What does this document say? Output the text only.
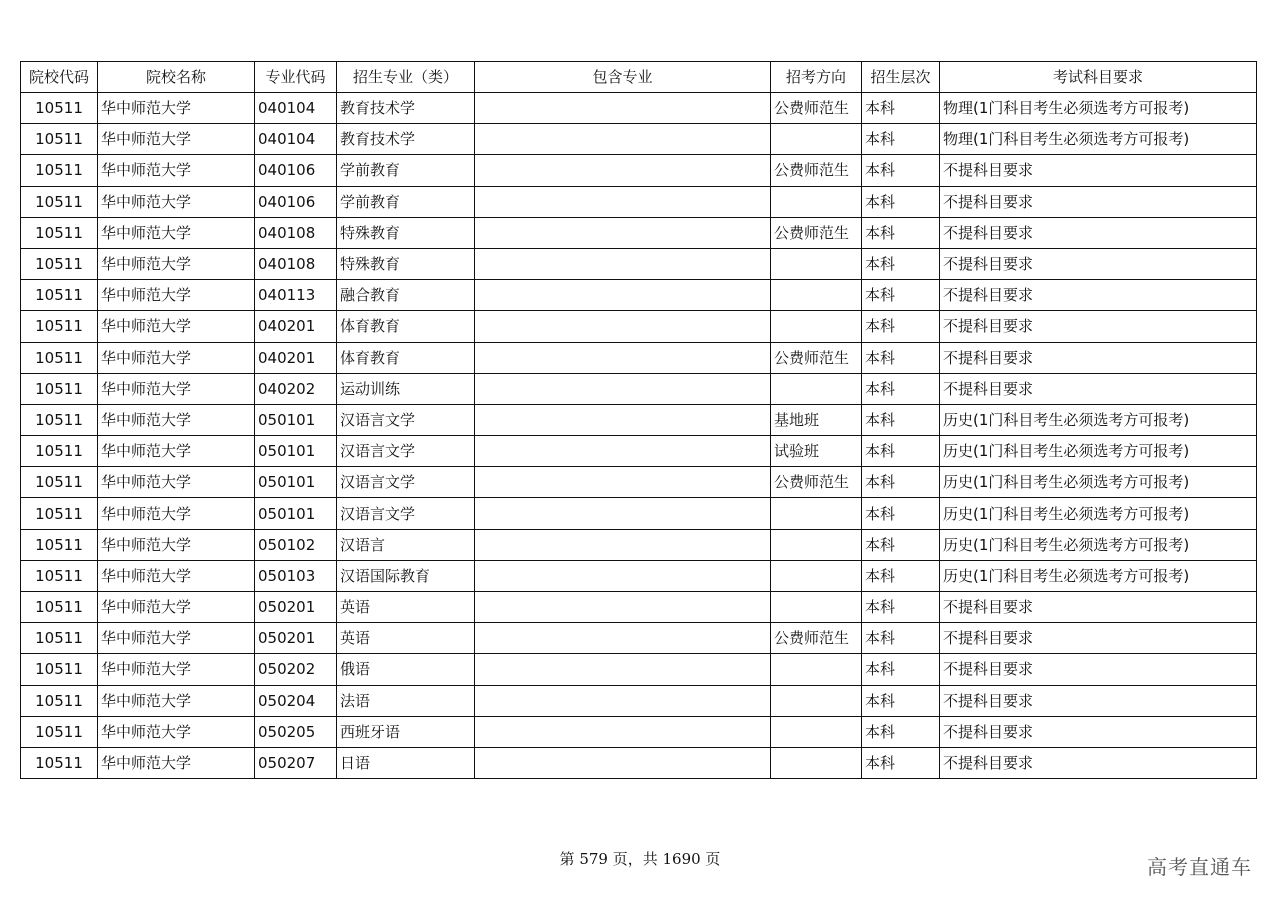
院校代码	院校名称	专业代码	招生专业（类）	包含专业	招考方向	招生层次	考试科目要求
10511	华中师范大学	040104	教育技术学		公费师范生	本科	物理(1门科目考生必须选考方可报考)
10511	华中师范大学	040104	教育技术学			本科	物理(1门科目考生必须选考方可报考)
10511	华中师范大学	040106	学前教育		公费师范生	本科	不提科目要求
10511	华中师范大学	040106	学前教育			本科	不提科目要求
10511	华中师范大学	040108	特殊教育		公费师范生	本科	不提科目要求
10511	华中师范大学	040108	特殊教育			本科	不提科目要求
10511	华中师范大学	040113	融合教育			本科	不提科目要求
10511	华中师范大学	040201	体育教育			本科	不提科目要求
10511	华中师范大学	040201	体育教育		公费师范生	本科	不提科目要求
10511	华中师范大学	040202	运动训练			本科	不提科目要求
10511	华中师范大学	050101	汉语言文学		基地班	本科	历史(1门科目考生必须选考方可报考)
10511	华中师范大学	050101	汉语言文学		试验班	本科	历史(1门科目考生必须选考方可报考)
10511	华中师范大学	050101	汉语言文学		公费师范生	本科	历史(1门科目考生必须选考方可报考)
10511	华中师范大学	050101	汉语言文学			本科	历史(1门科目考生必须选考方可报考)
10511	华中师范大学	050102	汉语言			本科	历史(1门科目考生必须选考方可报考)
10511	华中师范大学	050103	汉语国际教育			本科	历史(1门科目考生必须选考方可报考)
10511	华中师范大学	050201	英语			本科	不提科目要求
10511	华中师范大学	050201	英语		公费师范生	本科	不提科目要求
10511	华中师范大学	050202	俄语			本科	不提科目要求
10511	华中师范大学	050204	法语			本科	不提科目要求
10511	华中师范大学	050205	西班牙语			本科	不提科目要求
10511	华中师范大学	050207	日语			本科	不提科目要求
第 579 页，共 1690 页	高考直通车
